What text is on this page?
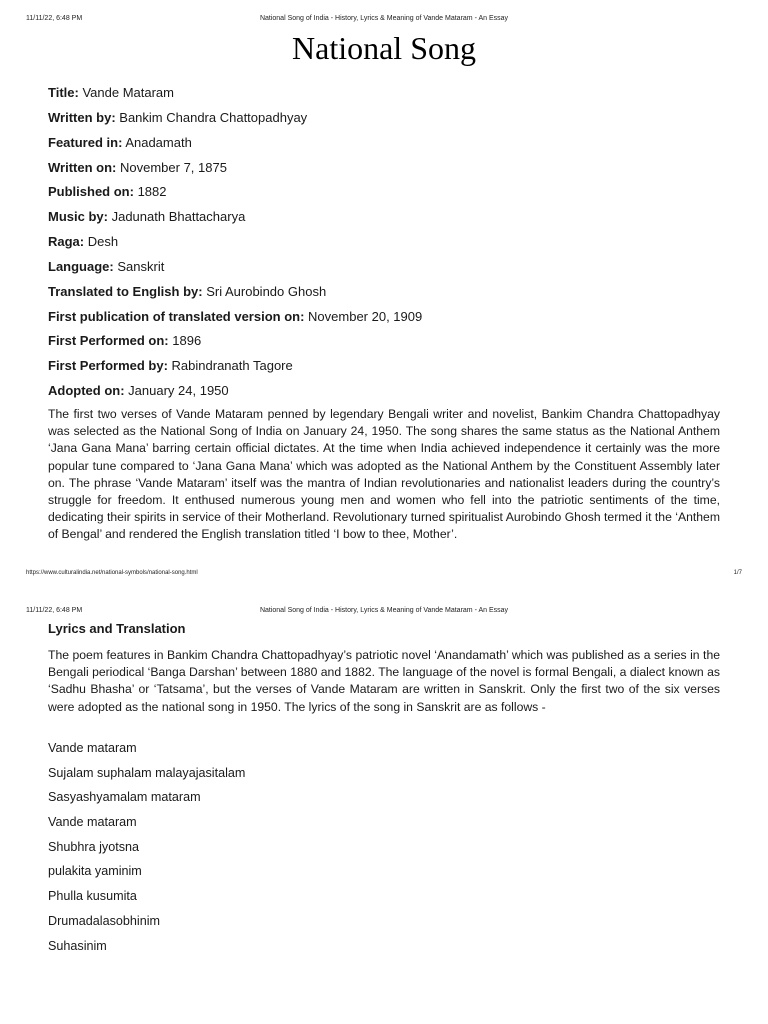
11/11/22, 6:48 PM	National Song of India - History, Lyrics & Meaning of Vande Mataram - An Essay
National Song
Title: Vande Mataram
Written by: Bankim Chandra Chattopadhyay
Featured in: Anadamath
Written on: November 7, 1875
Published on: 1882
Music by: Jadunath Bhattacharya
Raga: Desh
Language: Sanskrit
Translated to English by: Sri Aurobindo Ghosh
First publication of translated version on: November 20, 1909
First Performed on: 1896
First Performed by: Rabindranath Tagore
Adopted on: January 24, 1950

The first two verses of Vande Mataram penned by legendary Bengali writer and novelist, Bankim Chandra Chattopadhyay was selected as the National Song of India on January 24, 1950. The song shares the same status as the National Anthem ‘Jana Gana Mana’ barring certain official dictates. At the time when India achieved independence it certainly was the more popular tune compared to ‘Jana Gana Mana’ which was adopted as the National Anthem by the Constituent Assembly later on. The phrase ‘Vande Mataram’ itself was the mantra of Indian revolutionaries and nationalist leaders during the country’s struggle for freedom. It enthused numerous young men and women who fell into the patriotic sentiments of the time, dedicating their spirits in service of their Motherland. Revolutionary turned spiritualist Aurobindo Ghosh termed it the ‘Anthem of Bengal’ and rendered the English translation titled ‘I bow to thee, Mother’.

https://www.culturalindia.net/national-symbols/national-song.html	1/7
11/11/22, 6:48 PM	National Song of India - History, Lyrics & Meaning of Vande Mataram - An Essay
Lyrics and Translation

The poem features in Bankim Chandra Chattopadhyay’s patriotic novel ‘Anandamath’ which was published as a series in the Bengali periodical ‘Banga Darshan’ between 1880 and 1882. The language of the novel is formal Bengali, a dialect known as ‘Sadhu Bhasha’ or ‘Tatsama’, but the verses of Vande Mataram are written in Sanskrit. Only the first two of the six verses were adopted as the national song in 1950. The lyrics of the song in Sanskrit are as follows -

Vande mataram
Sujalam suphalam malayajasitalam
Sasyashyamalam mataram
Vande mataram
Shubhra jyotsna
pulakita yaminim
Phulla kusumita
Drumadalasobhinim
Suhasinim
